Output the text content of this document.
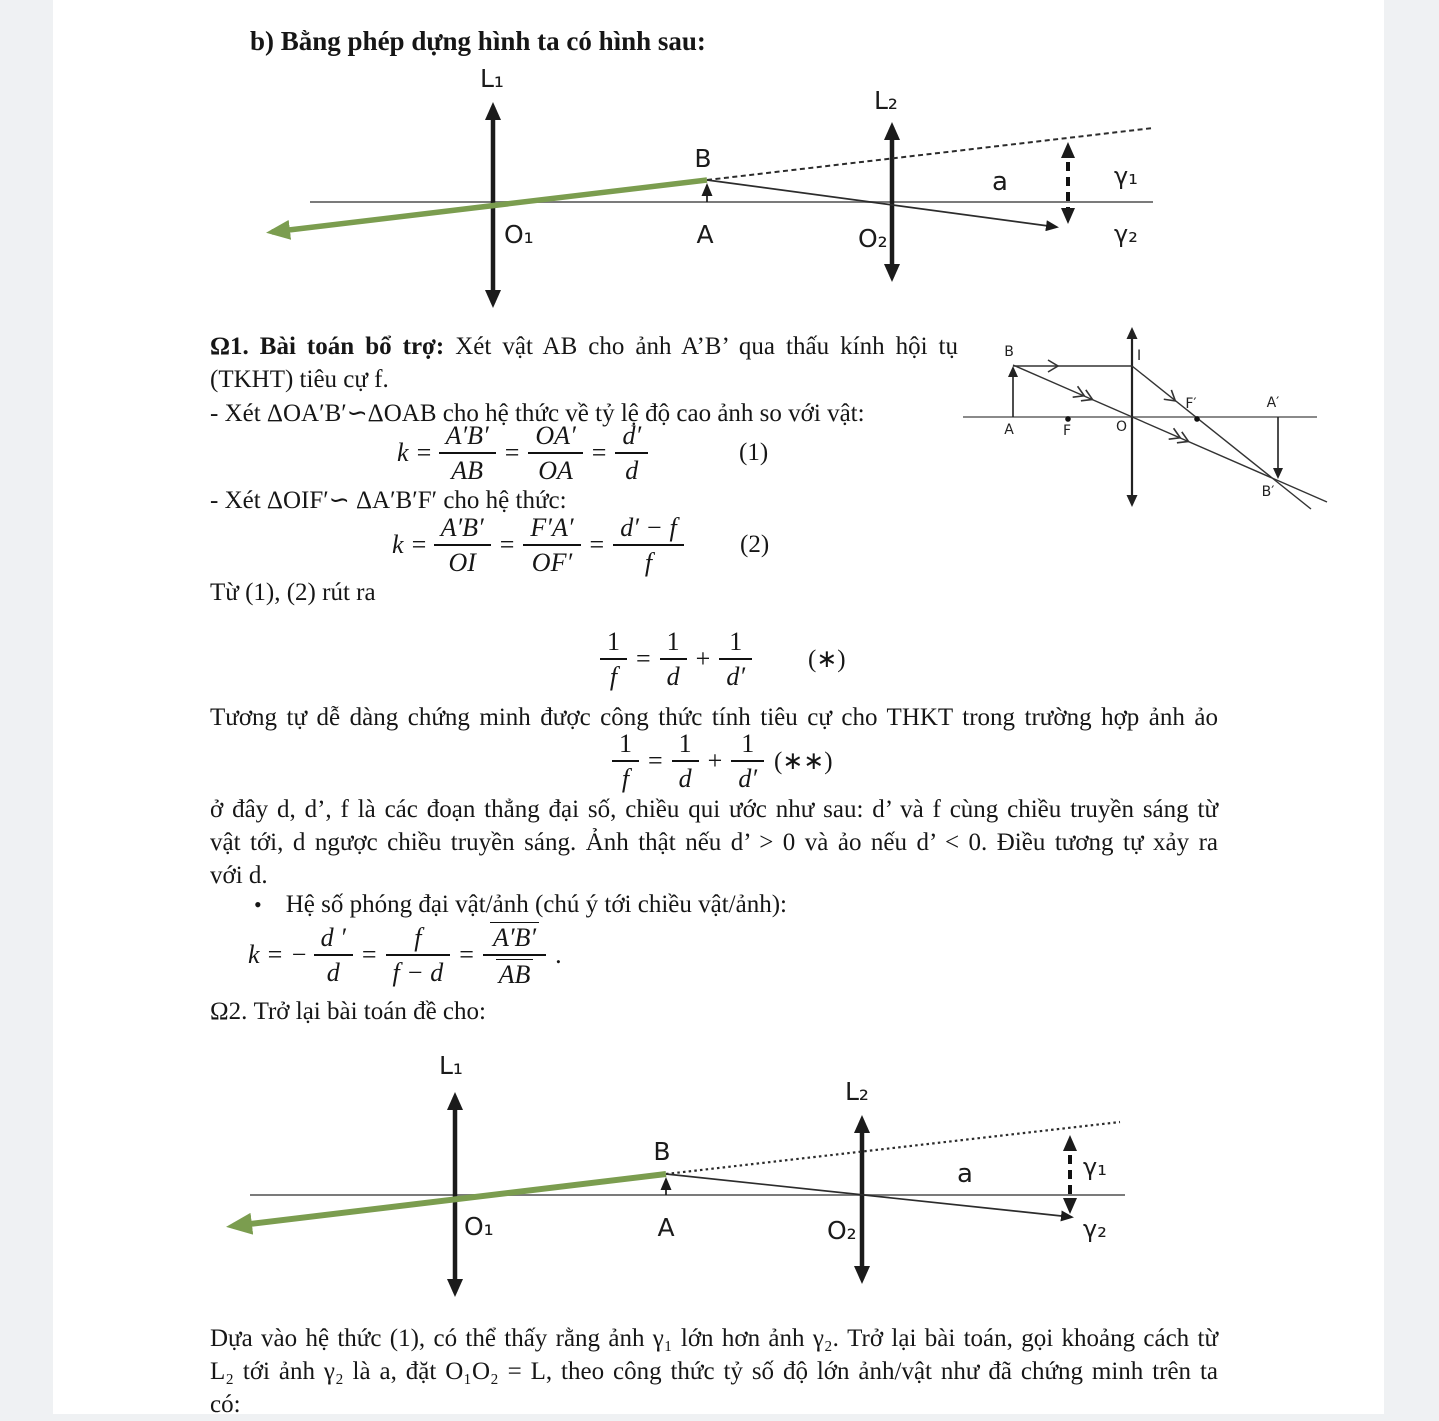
b) Bằng phép dựng hình ta có hình sau:
L₁
L₂
B
A
O₁	O₂
a	γ₁
γ₂
B
A	F	O
I
F′	A′
B′
Ω1. Bài toán bổ trợ: Xét vật AB cho ảnh A’B’ qua thấu kính hội tụ
(TKHT) tiêu cự f.
- Xét ΔOA′B′∽ΔOAB cho hệ thức về tỷ lệ độ cao ảnh so với vật:
$k = \frac{A'B'}{AB} = \frac{OA'}{OA} = \frac{d'}{d}$	(1)
- Xét ΔOIF′∽ ΔA′B′F′ cho hệ thức:
$k = \frac{A'B'}{OI} = \frac{F'A'}{OF'} = \frac{d' - f}{f} (2)$
Từ (1), (2) rút ra
$\frac{1}{f} = \frac{1}{d} + \frac{1}{d'}$ (∗)
Tương tự dễ dàng chứng minh được công thức tính tiêu cự cho THKT trong trường hợp ảnh ảo
$\frac{1}{f} = \frac{1}{d} + \frac{1}{d'}$ (∗∗)
ở đây d, d’, f là các đoạn thẳng đại số, chiều qui ước như sau: d’ và f cùng chiều truyền sáng từ
vật tới, d ngược chiều truyền sáng. Ảnh thật nếu d’ > 0 và ảo nếu d’ < 0. Điều tương tự xảy ra
với d.
• Hệ số phóng đại vật/ảnh (chú ý tới chiều vật/ảnh):
k = − $\frac{d '}{d} = \frac{f}{f - d} = \frac{A'B'}{AB}$ .
Ω2. Trở lại bài toán đề cho:
L₁
L₂
B
A
O₁	O₂
a	γ₁
γ₂
Dựa vào hệ thức (1), có thể thấy rằng ảnh γ₁ lớn hơn ảnh γ₂. Trở lại bài toán, gọi khoảng cách từ
L₂ tới ảnh γ₂ là a, đặt O₁O₂ = L, theo công thức tỷ số độ lớn ảnh/vật như đã chứng minh trên ta
có:
